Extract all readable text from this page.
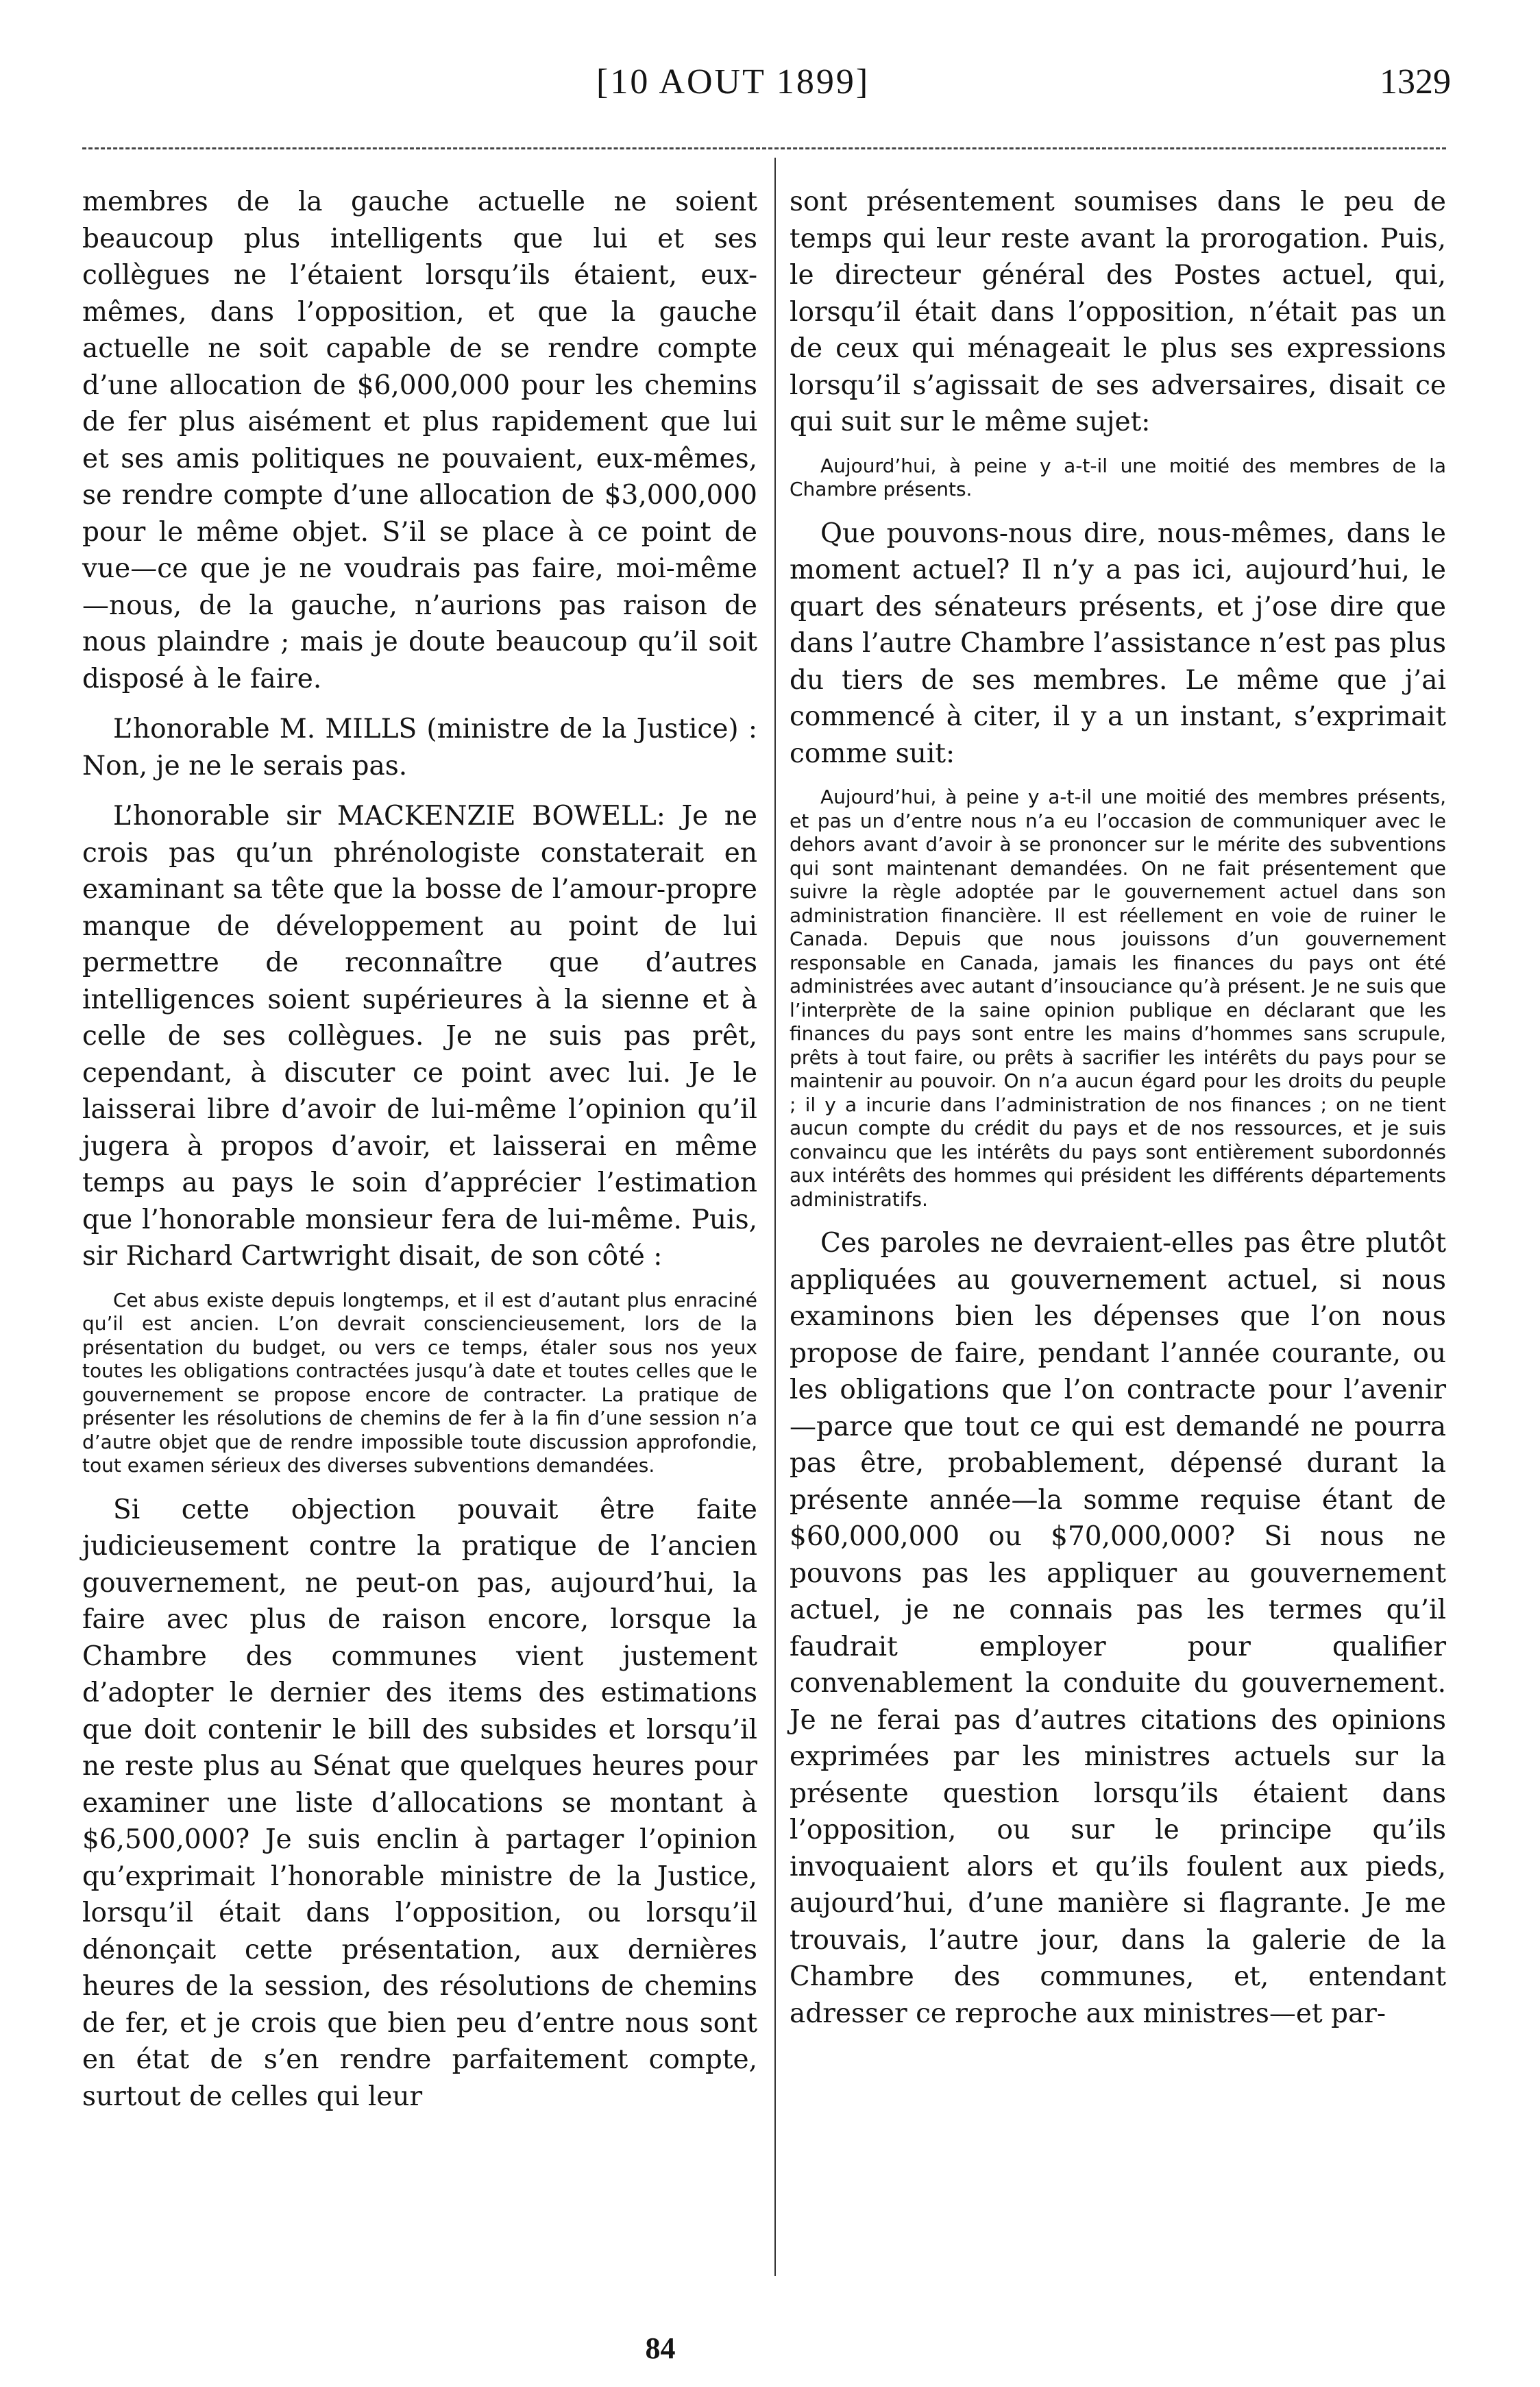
[10 AOUT 1899]	1329

membres de la gauche actuelle ne soient beaucoup plus intelligents que lui et ses collègues ne l’étaient lorsqu’ils étaient, eux-mêmes, dans l’opposition, et que la gauche actuelle ne soit capable de se rendre compte d’une allocation de $6,000,000 pour les chemins de fer plus aisément et plus rapidement que lui et ses amis politiques ne pouvaient, eux-mêmes, se rendre compte d’une allocation de $3,000,000 pour le même objet. S’il se place à ce point de vue—ce que je ne voudrais pas faire, moi-même—nous, de la gauche, n’aurions pas raison de nous plaindre ; mais je doute beaucoup qu’il soit disposé à le faire.

L’honorable M. MILLS (ministre de la Justice) : Non, je ne le serais pas.

L’honorable sir MACKENZIE BOWELL: Je ne crois pas qu’un phrénologiste constaterait en examinant sa tête que la bosse de l’amour-propre manque de développement au point de lui permettre de reconnaître que d’autres intelligences soient supérieures à la sienne et à celle de ses collègues. Je ne suis pas prêt, cependant, à discuter ce point avec lui. Je le laisserai libre d’avoir de lui-même l’opinion qu’il jugera à propos d’avoir, et laisserai en même temps au pays le soin d’apprécier l’estimation que l’honorable monsieur fera de lui-même. Puis, sir Richard Cartwright disait, de son côté :

Cet abus existe depuis longtemps, et il est d’autant plus enraciné qu’il est ancien. L’on devrait consciencieusement, lors de la présentation du budget, ou vers ce temps, étaler sous nos yeux toutes les obligations contractées jusqu’à date et toutes celles que le gouvernement se propose encore de contracter. La pratique de présenter les résolutions de chemins de fer à la fin d’une session n’a d’autre objet que de rendre impossible toute discussion approfondie, tout examen sérieux des diverses subventions demandées.

Si cette objection pouvait être faite judicieusement contre la pratique de l’ancien gouvernement, ne peut-on pas, aujourd’hui, la faire avec plus de raison encore, lorsque la Chambre des communes vient justement d’adopter le dernier des items des estimations que doit contenir le bill des subsides et lorsqu’il ne reste plus au Sénat que quelques heures pour examiner une liste d’allocations se montant à $6,500,000? Je suis enclin à partager l’opinion qu’exprimait l’honorable ministre de la Justice, lorsqu’il était dans l’opposition, ou lorsqu’il dénonçait cette présentation, aux dernières heures de la session, des résolutions de chemins de fer, et je crois que bien peu d’entre nous sont en état de s’en rendre parfaitement compte, surtout de celles qui leur

sont présentement soumises dans le peu de temps qui leur reste avant la prorogation. Puis, le directeur général des Postes actuel, qui, lorsqu’il était dans l’opposition, n’était pas un de ceux qui ménageait le plus ses expressions lorsqu’il s’agissait de ses adversaires, disait ce qui suit sur le même sujet:

Aujourd’hui, à peine y a-t-il une moitié des membres de la Chambre présents.

Que pouvons-nous dire, nous-mêmes, dans le moment actuel? Il n’y a pas ici, aujourd’hui, le quart des sénateurs présents, et j’ose dire que dans l’autre Chambre l’assistance n’est pas plus du tiers de ses membres. Le même que j’ai commencé à citer, il y a un instant, s’exprimait comme suit:

Aujourd’hui, à peine y a-t-il une moitié des membres présents, et pas un d’entre nous n’a eu l’occasion de communiquer avec le dehors avant d’avoir à se prononcer sur le mérite des subventions qui sont maintenant demandées. On ne fait présentement que suivre la règle adoptée par le gouvernement actuel dans son administration financière. Il est réellement en voie de ruiner le Canada. Depuis que nous jouissons d’un gouvernement responsable en Canada, jamais les finances du pays ont été administrées avec autant d’insouciance qu’à présent. Je ne suis que l’interprète de la saine opinion publique en déclarant que les finances du pays sont entre les mains d’hommes sans scrupule, prêts à tout faire, ou prêts à sacrifier les intérêts du pays pour se maintenir au pouvoir. On n’a aucun égard pour les droits du peuple ; il y a incurie dans l’administration de nos finances ; on ne tient aucun compte du crédit du pays et de nos ressources, et je suis convaincu que les intérêts du pays sont entièrement subordonnés aux intérêts des hommes qui président les différents départements administratifs.

Ces paroles ne devraient-elles pas être plutôt appliquées au gouvernement actuel, si nous examinons bien les dépenses que l’on nous propose de faire, pendant l’année courante, ou les obligations que l’on contracte pour l’avenir—parce que tout ce qui est demandé ne pourra pas être, probablement, dépensé durant la présente année—la somme requise étant de $60,000,000 ou $70,000,000? Si nous ne pouvons pas les appliquer au gouvernement actuel, je ne connais pas les termes qu’il faudrait employer pour qualifier convenablement la conduite du gouvernement. Je ne ferai pas d’autres citations des opinions exprimées par les ministres actuels sur la présente question lorsqu’ils étaient dans l’opposition, ou sur le principe qu’ils invoquaient alors et qu’ils foulent aux pieds, aujourd’hui, d’une manière si flagrante. Je me trouvais, l’autre jour, dans la galerie de la Chambre des communes, et, entendant adresser ce reproche aux ministres—et par-

84
